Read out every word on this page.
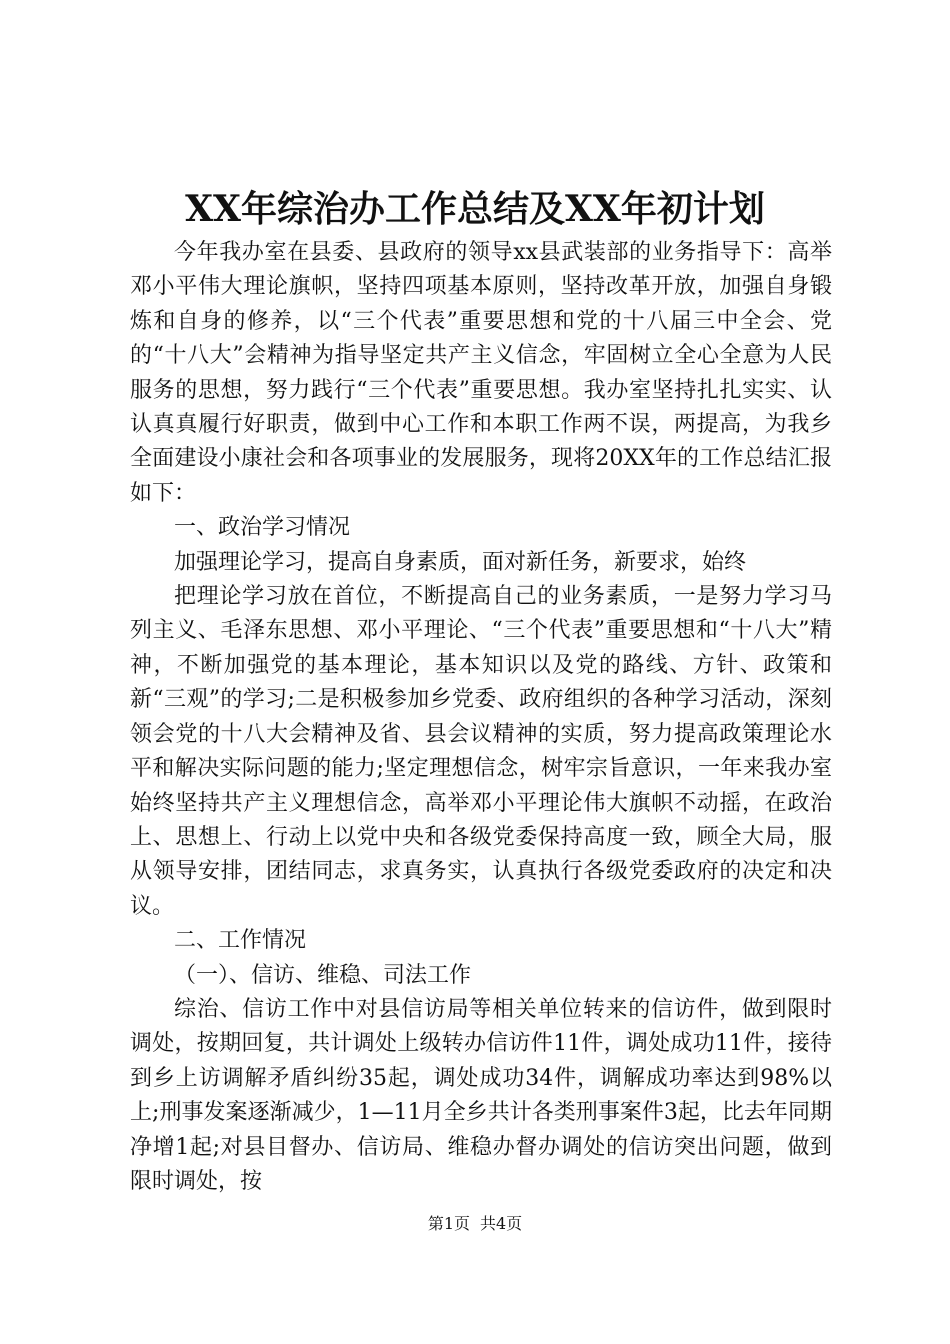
XX年综治办工作总结及XX年初计划

今年我办室在县委、县政府的领导xx县武装部的业务指导下：高举邓小平伟大理论旗帜，坚持四项基本原则，坚持改革开放，加强自身锻炼和自身的修养，以“三个代表”重要思想和党的十八届三中全会、党的“十八大”会精神为指导坚定共产主义信念，牢固树立全心全意为人民服务的思想，努力践行“三个代表”重要思想。我办室坚持扎扎实实、认认真真履行好职责，做到中心工作和本职工作两不误，两提高，为我乡全面建设小康社会和各项事业的发展服务，现将20XX年的工作总结汇报如下：

一、政治学习情况

加强理论学习，提高自身素质，面对新任务，新要求，始终

把理论学习放在首位，不断提高自己的业务素质，一是努力学习马列主义、毛泽东思想、邓小平理论、“三个代表”重要思想和“十八大”精神，不断加强党的基本理论，基本知识以及党的路线、方针、政策和新“三观”的学习;二是积极参加乡党委、政府组织的各种学习活动，深刻领会党的十八大会精神及省、县会议精神的实质，努力提高政策理论水平和解决实际问题的能力;坚定理想信念，树牢宗旨意识，一年来我办室始终坚持共产主义理想信念，高举邓小平理论伟大旗帜不动摇，在政治上、思想上、行动上以党中央和各级党委保持高度一致，顾全大局，服从领导安排，团结同志，求真务实，认真执行各级党委政府的决定和决议。

二、工作情况

（一）、信访、维稳、司法工作

综治、信访工作中对县信访局等相关单位转来的信访件，做到限时调处，按期回复，共计调处上级转办信访件11件，调处成功11件，接待到乡上访调解矛盾纠纷35起，调处成功34件，调解成功率达到98%以上;刑事发案逐渐减少，1—11月全乡共计各类刑事案件3起，比去年同期净增1起;对县目督办、信访局、维稳办督办调处的信访突出问题，做到限时调处，按

第1页 共4页
